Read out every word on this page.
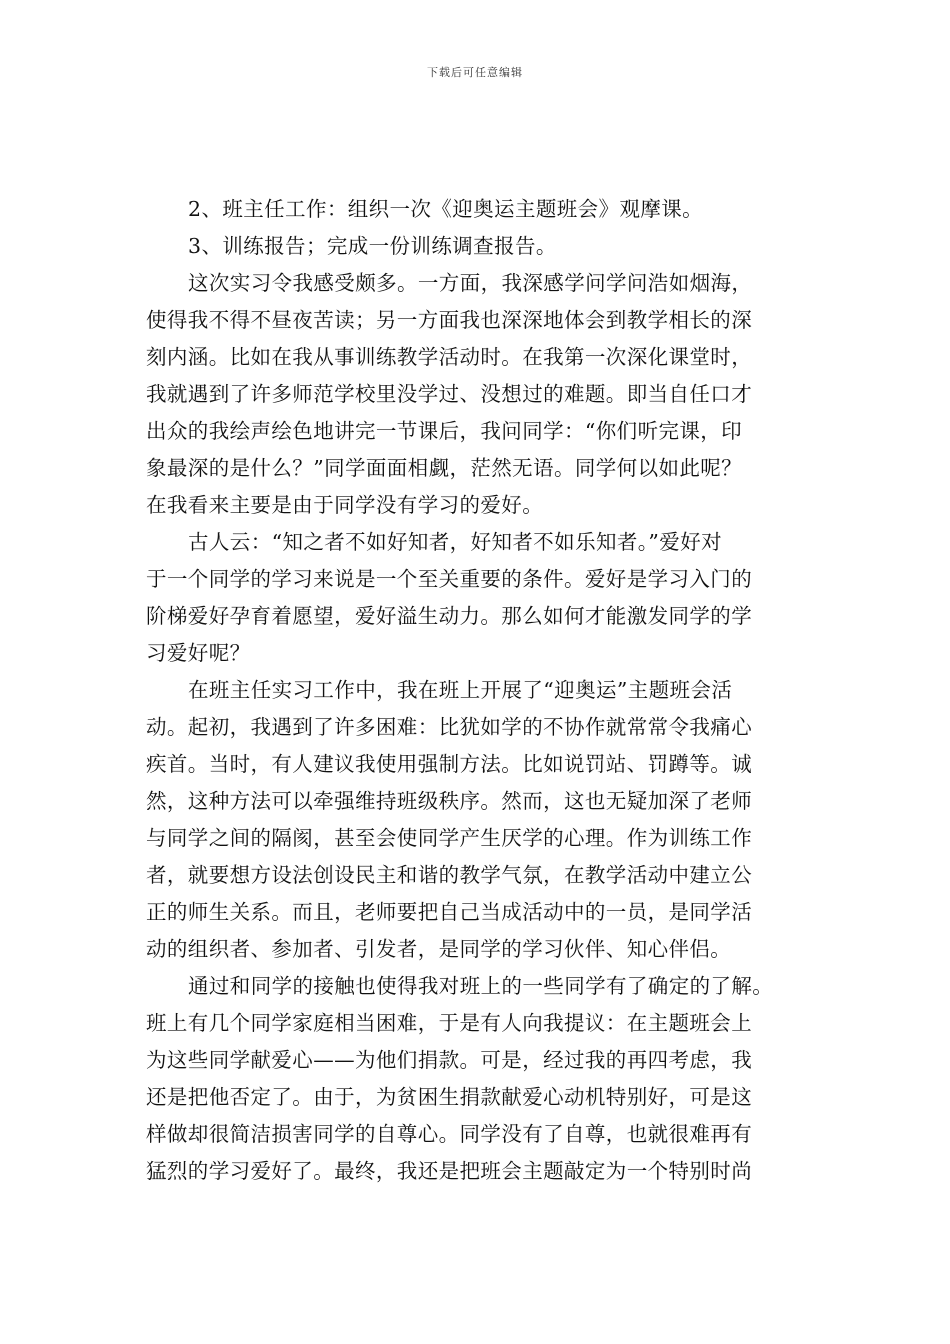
下载后可任意编辑
2、班主任工作：组织一次《迎奥运主题班会》观摩课。
3、训练报告；完成一份训练调查报告。
这次实习令我感受颇多。一方面，我深感学问学问浩如烟海，
使得我不得不昼夜苦读；另一方面我也深深地体会到教学相长的深
刻内涵。比如在我从事训练教学活动时。在我第一次深化课堂时，
我就遇到了许多师范学校里没学过、没想过的难题。即当自任口才
出众的我绘声绘色地讲完一节课后，我问同学：“你们听完课，印
象最深的是什么？”同学面面相觑，茫然无语。同学何以如此呢？
在我看来主要是由于同学没有学习的爱好。
古人云：“知之者不如好知者，好知者不如乐知者。”爱好对
于一个同学的学习来说是一个至关重要的条件。爱好是学习入门的
阶梯爱好孕育着愿望，爱好溢生动力。那么如何才能激发同学的学
习爱好呢？
在班主任实习工作中，我在班上开展了“迎奥运”主题班会活
动。起初，我遇到了许多困难：比犹如学的不协作就常常令我痛心
疾首。当时，有人建议我使用强制方法。比如说罚站、罚蹲等。诚
然，这种方法可以牵强维持班级秩序。然而，这也无疑加深了老师
与同学之间的隔阂，甚至会使同学产生厌学的心理。作为训练工作
者，就要想方设法创设民主和谐的教学气氛，在教学活动中建立公
正的师生关系。而且，老师要把自己当成活动中的一员，是同学活
动的组织者、参加者、引发者，是同学的学习伙伴、知心伴侣。
通过和同学的接触也使得我对班上的一些同学有了确定的了解。
班上有几个同学家庭相当困难，于是有人向我提议：在主题班会上
为这些同学献爱心——为他们捐款。可是，经过我的再四考虑，我
还是把他否定了。由于，为贫困生捐款献爱心动机特别好，可是这
样做却很简洁损害同学的自尊心。同学没有了自尊，也就很难再有
猛烈的学习爱好了。最终，我还是把班会主题敲定为一个特别时尚
